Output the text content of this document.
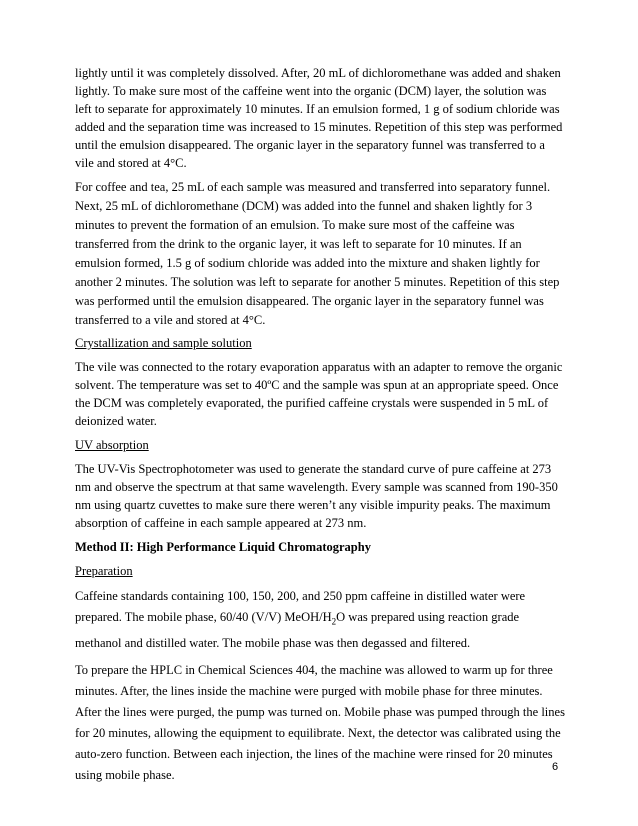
lightly until it was completely dissolved. After, 20 mL of dichloromethane was added and shaken lightly. To make sure most of the caffeine went into the organic (DCM) layer, the solution was left to separate for approximately 10 minutes. If an emulsion formed, 1 g of sodium chloride was added and the separation time was increased to 15 minutes. Repetition of this step was performed until the emulsion disappeared. The organic layer in the separatory funnel was transferred to a vile and stored at 4°C.

For coffee and tea, 25 mL of each sample was measured and transferred into separatory funnel. Next, 25 mL of dichloromethane (DCM) was added into the funnel and shaken lightly for 3 minutes to prevent the formation of an emulsion. To make sure most of the caffeine was transferred from the drink to the organic layer, it was left to separate for 10 minutes. If an emulsion formed, 1.5 g of sodium chloride was added into the mixture and shaken lightly for another 2 minutes. The solution was left to separate for another 5 minutes. Repetition of this step was performed until the emulsion disappeared. The organic layer in the separatory funnel was transferred to a vile and stored at 4°C.

Crystallization and sample solution

The vile was connected to the rotary evaporation apparatus with an adapter to remove the organic solvent. The temperature was set to 40ºC and the sample was spun at an appropriate speed. Once the DCM was completely evaporated, the purified caffeine crystals were suspended in 5 mL of deionized water.

UV absorption

The UV-Vis Spectrophotometer was used to generate the standard curve of pure caffeine at 273 nm and observe the spectrum at that same wavelength. Every sample was scanned from 190-350 nm using quartz cuvettes to make sure there weren’t any visible impurity peaks. The maximum absorption of caffeine in each sample appeared at 273 nm.

Method II: High Performance Liquid Chromatography

Preparation

Caffeine standards containing 100, 150, 200, and 250 ppm caffeine in distilled water were prepared. The mobile phase, 60/40 (V/V) MeOH/$H_2O$ was prepared using reaction grade methanol and distilled water. The mobile phase was then degassed and filtered.

To prepare the HPLC in Chemical Sciences 404, the machine was allowed to warm up for three minutes. After, the lines inside the machine were purged with mobile phase for three minutes. After the lines were purged, the pump was turned on. Mobile phase was pumped through the lines for 20 minutes, allowing the equipment to equilibrate. Next, the detector was calibrated using the auto-zero function. Between each injection, the lines of the machine were rinsed for 20 minutes using mobile phase.

6
